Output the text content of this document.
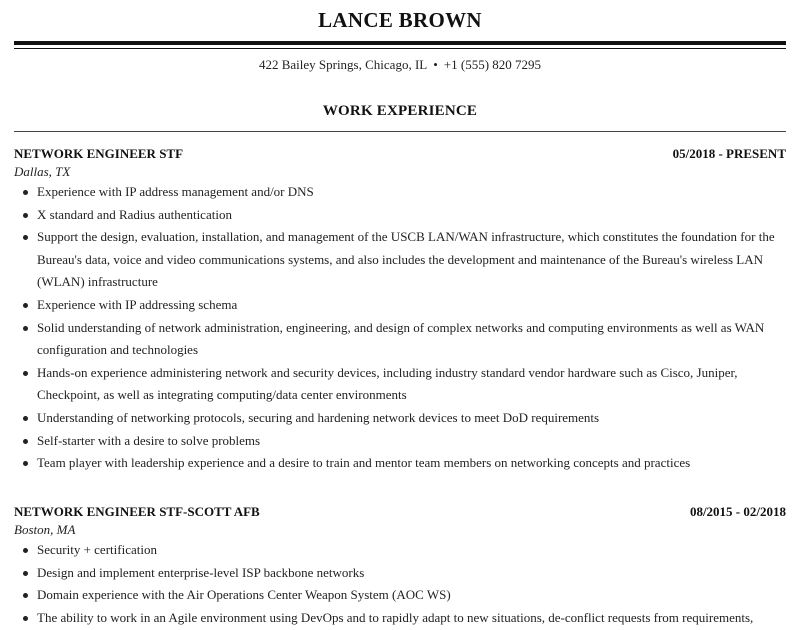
LANCE BROWN
422 Bailey Springs, Chicago, IL • +1 (555) 820 7295
WORK EXPERIENCE
NETWORK ENGINEER STF	05/2018 - PRESENT
Dallas, TX
Experience with IP address management and/or DNS
X standard and Radius authentication
Support the design, evaluation, installation, and management of the USCB LAN/WAN infrastructure, which constitutes the foundation for the Bureau's data, voice and video communications systems, and also includes the development and maintenance of the Bureau's wireless LAN (WLAN) infrastructure
Experience with IP addressing schema
Solid understanding of network administration, engineering, and design of complex networks and computing environments as well as WAN configuration and technologies
Hands-on experience administering network and security devices, including industry standard vendor hardware such as Cisco, Juniper, Checkpoint, as well as integrating computing/data center environments
Understanding of networking protocols, securing and hardening network devices to meet DoD requirements
Self-starter with a desire to solve problems
Team player with leadership experience and a desire to train and mentor team members on networking concepts and practices
NETWORK ENGINEER STF-SCOTT AFB	08/2015 - 02/2018
Boston, MA
Security + certification
Design and implement enterprise-level ISP backbone networks
Domain experience with the Air Operations Center Weapon System (AOC WS)
The ability to work in an Agile environment using DevOps and to rapidly adapt to new situations, de-conflict requests from requirements,
